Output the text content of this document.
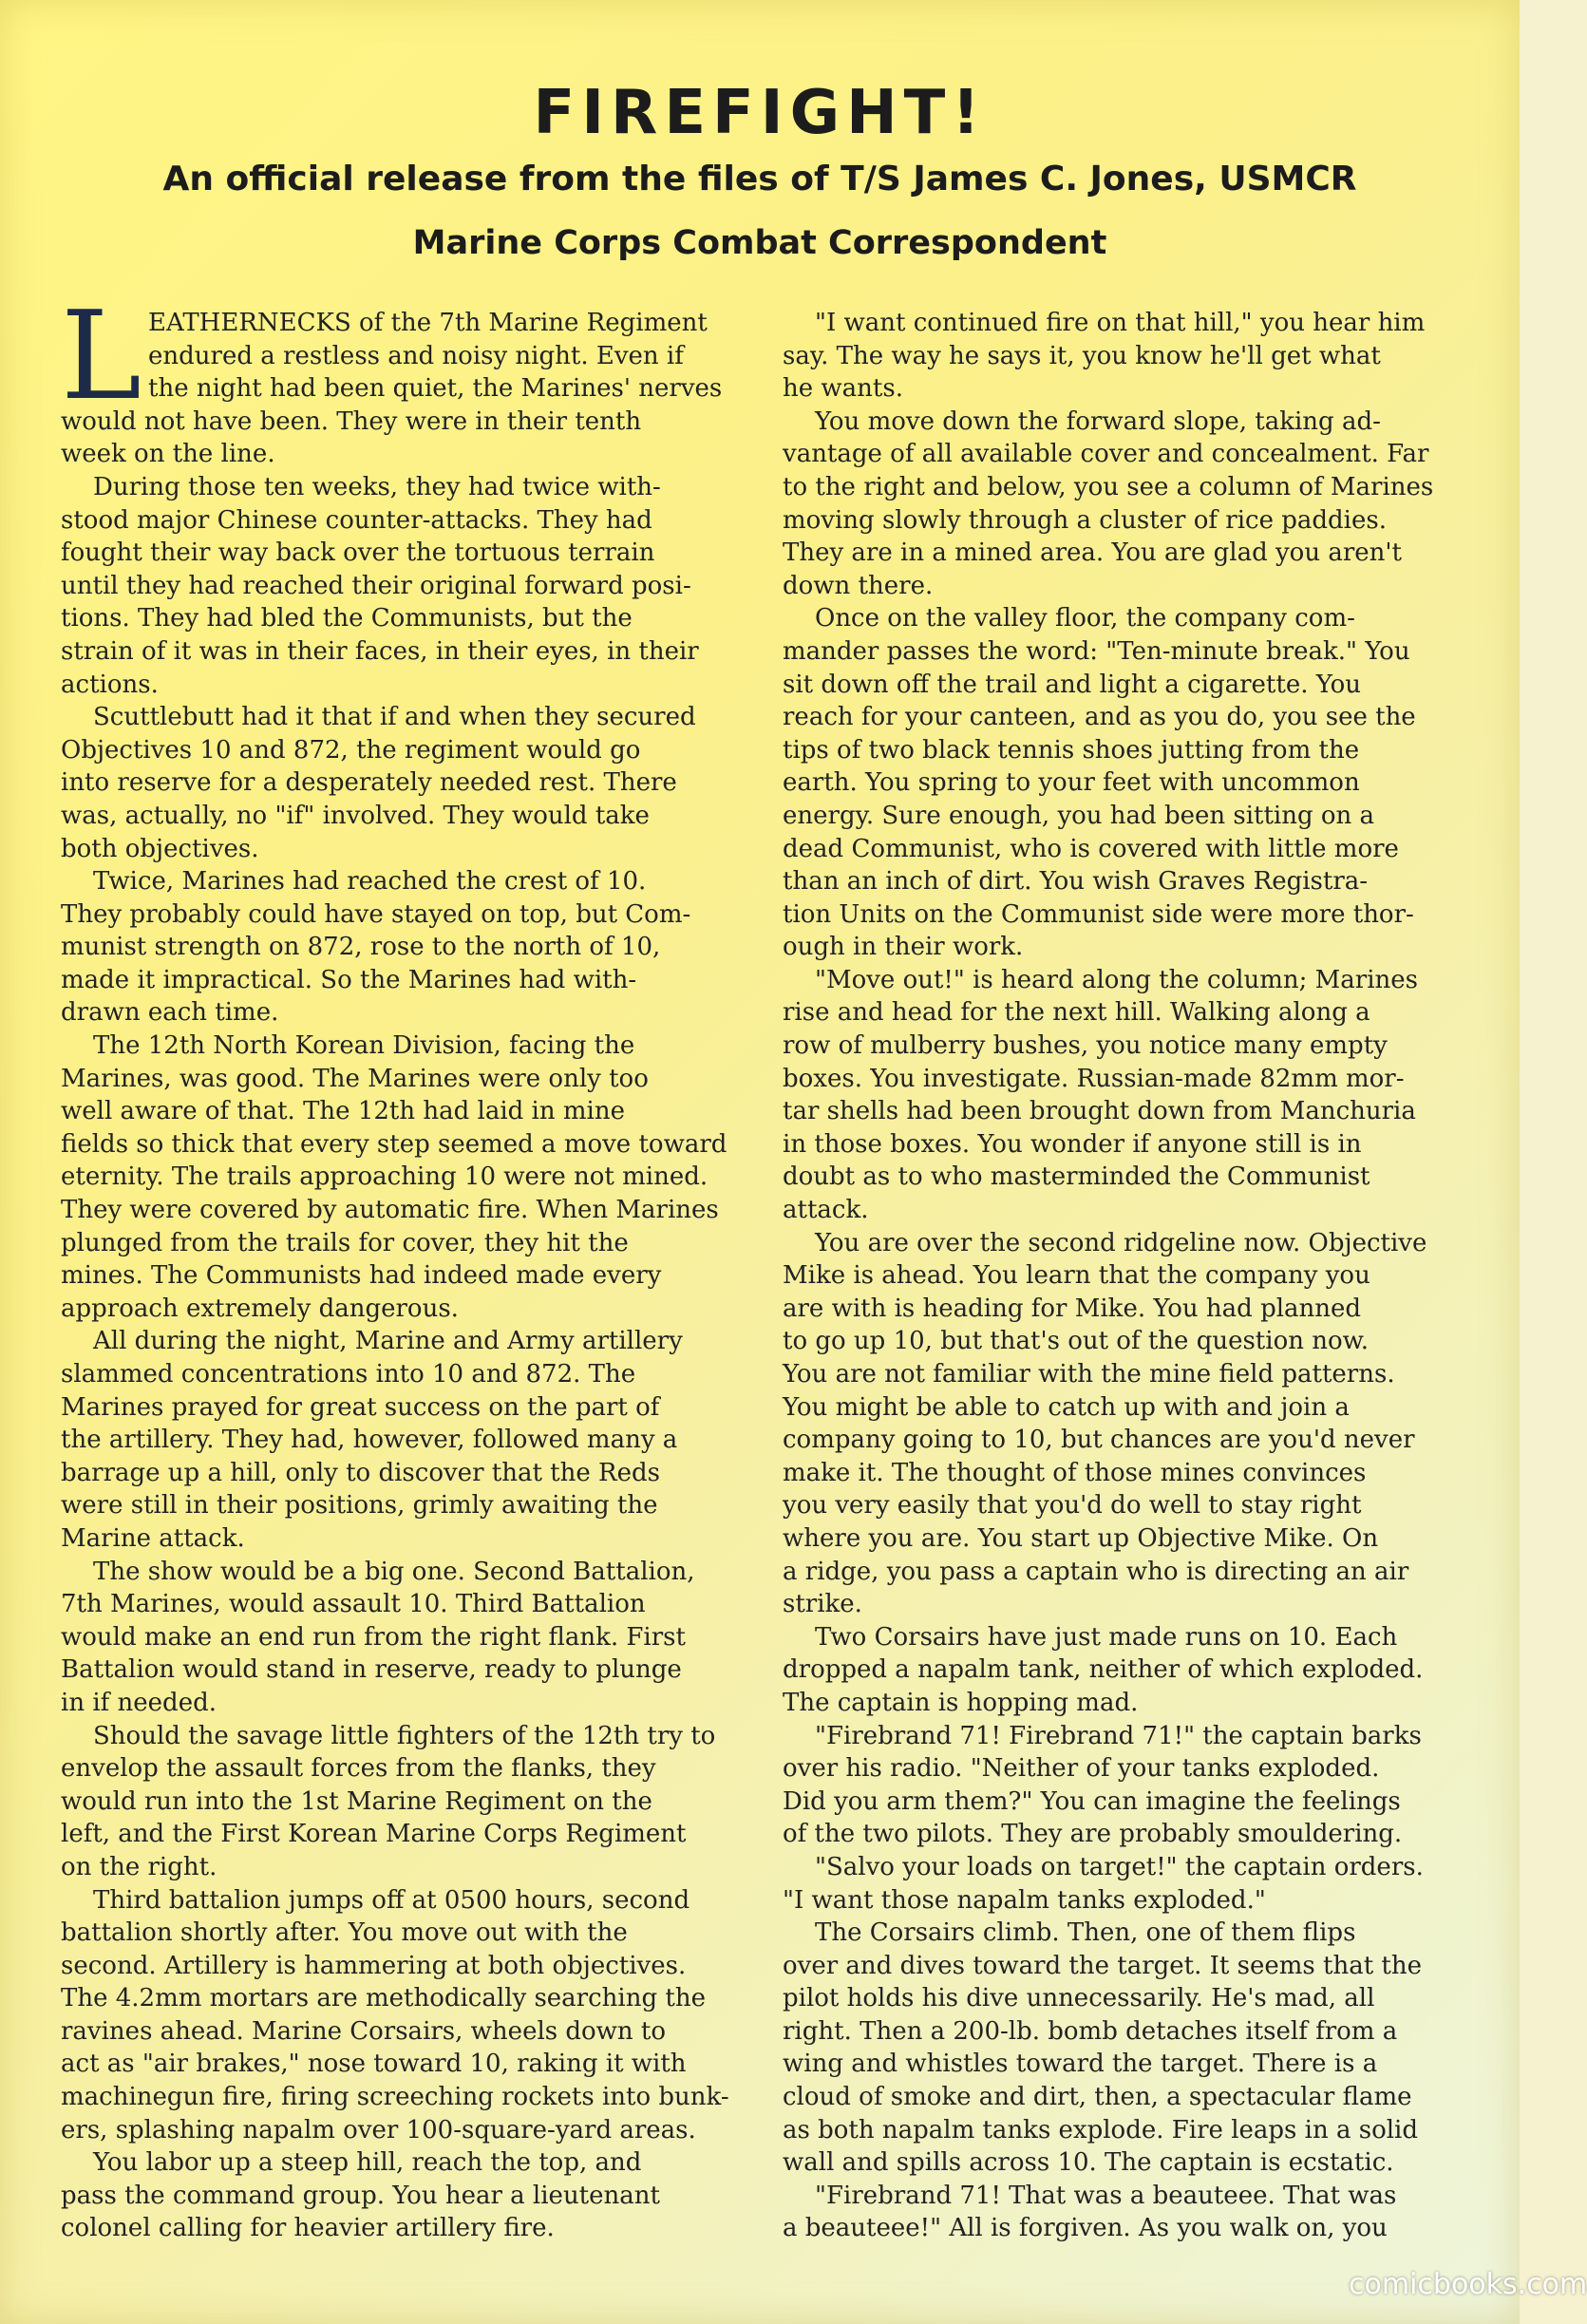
FIREFIGHT!
An official release from the files of T/S James C. Jones, USMCR
Marine Corps Combat Correspondent
L EATHERNECKS of the 7th Marine Regiment
endured a restless and noisy night. Even if
the night had been quiet, the Marines' nerves
would not have been. They were in their tenth
week on the line.
During those ten weeks, they had twice with-
stood major Chinese counter-attacks. They had
fought their way back over the tortuous terrain
until they had reached their original forward posi-
tions. They had bled the Communists, but the
strain of it was in their faces, in their eyes, in their
actions.
Scuttlebutt had it that if and when they secured
Objectives 10 and 872, the regiment would go
into reserve for a desperately needed rest. There
was, actually, no "if" involved. They would take
both objectives.
Twice, Marines had reached the crest of 10.
They probably could have stayed on top, but Com-
munist strength on 872, rose to the north of 10,
made it impractical. So the Marines had with-
drawn each time.
The 12th North Korean Division, facing the
Marines, was good. The Marines were only too
well aware of that. The 12th had laid in mine
fields so thick that every step seemed a move toward
eternity. The trails approaching 10 were not mined.
They were covered by automatic fire. When Marines
plunged from the trails for cover, they hit the
mines. The Communists had indeed made every
approach extremely dangerous.
All during the night, Marine and Army artillery
slammed concentrations into 10 and 872. The
Marines prayed for great success on the part of
the artillery. They had, however, followed many a
barrage up a hill, only to discover that the Reds
were still in their positions, grimly awaiting the
Marine attack.
The show would be a big one. Second Battalion,
7th Marines, would assault 10. Third Battalion
would make an end run from the right flank. First
Battalion would stand in reserve, ready to plunge
in if needed.
Should the savage little fighters of the 12th try to
envelop the assault forces from the flanks, they
would run into the 1st Marine Regiment on the
left, and the First Korean Marine Corps Regiment
on the right.
Third battalion jumps off at 0500 hours, second
battalion shortly after. You move out with the
second. Artillery is hammering at both objectives.
The 4.2mm mortars are methodically searching the
ravines ahead. Marine Corsairs, wheels down to
act as "air brakes," nose toward 10, raking it with
machinegun fire, firing screeching rockets into bunk-
ers, splashing napalm over 100-square-yard areas.
You labor up a steep hill, reach the top, and
pass the command group. You hear a lieutenant
colonel calling for heavier artillery fire.
"I want continued fire on that hill," you hear him
say. The way he says it, you know he'll get what
he wants.
You move down the forward slope, taking ad-
vantage of all available cover and concealment. Far
to the right and below, you see a column of Marines
moving slowly through a cluster of rice paddies.
They are in a mined area. You are glad you aren't
down there.
Once on the valley floor, the company com-
mander passes the word: "Ten-minute break." You
sit down off the trail and light a cigarette. You
reach for your canteen, and as you do, you see the
tips of two black tennis shoes jutting from the
earth. You spring to your feet with uncommon
energy. Sure enough, you had been sitting on a
dead Communist, who is covered with little more
than an inch of dirt. You wish Graves Registra-
tion Units on the Communist side were more thor-
ough in their work.
"Move out!" is heard along the column; Marines
rise and head for the next hill. Walking along a
row of mulberry bushes, you notice many empty
boxes. You investigate. Russian-made 82mm mor-
tar shells had been brought down from Manchuria
in those boxes. You wonder if anyone still is in
doubt as to who masterminded the Communist
attack.
You are over the second ridgeline now. Objective
Mike is ahead. You learn that the company you
are with is heading for Mike. You had planned
to go up 10, but that's out of the question now.
You are not familiar with the mine field patterns.
You might be able to catch up with and join a
company going to 10, but chances are you'd never
make it. The thought of those mines convinces
you very easily that you'd do well to stay right
where you are. You start up Objective Mike. On
a ridge, you pass a captain who is directing an air
strike.
Two Corsairs have just made runs on 10. Each
dropped a napalm tank, neither of which exploded.
The captain is hopping mad.
"Firebrand 71! Firebrand 71!" the captain barks
over his radio. "Neither of your tanks exploded.
Did you arm them?" You can imagine the feelings
of the two pilots. They are probably smouldering.
"Salvo your loads on target!" the captain orders.
"I want those napalm tanks exploded."
The Corsairs climb. Then, one of them flips
over and dives toward the target. It seems that the
pilot holds his dive unnecessarily. He's mad, all
right. Then a 200-lb. bomb detaches itself from a
wing and whistles toward the target. There is a
cloud of smoke and dirt, then, a spectacular flame
as both napalm tanks explode. Fire leaps in a solid
wall and spills across 10. The captain is ecstatic.
"Firebrand 71! That was a beauteee. That was
a beauteee!" All is forgiven. As you walk on, you
comicbooks.com
